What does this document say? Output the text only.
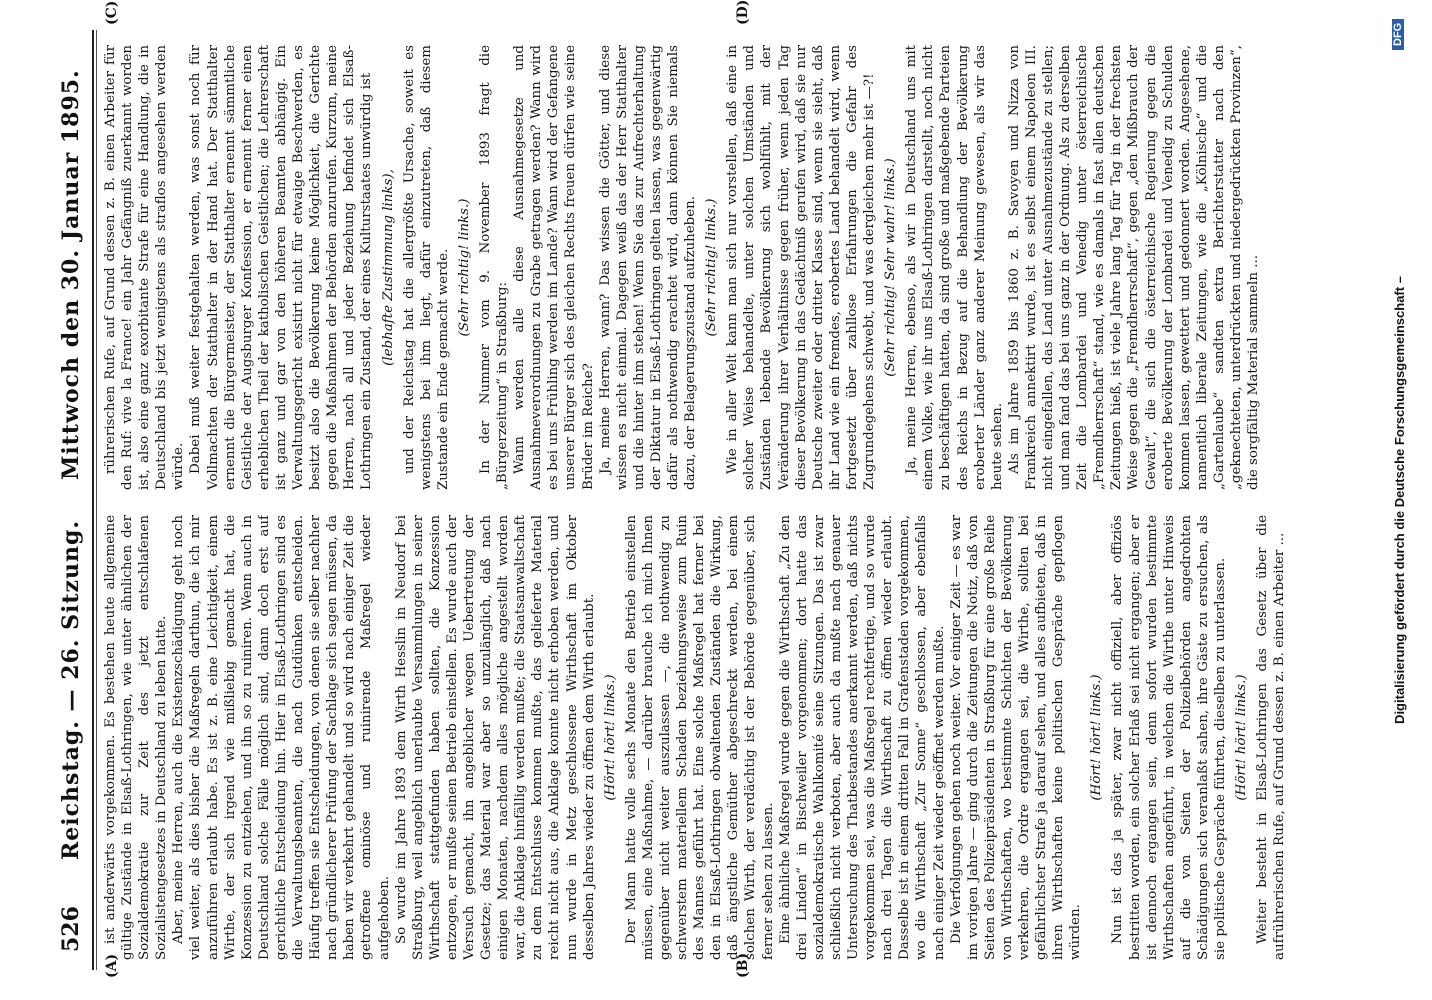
526
Reichstag. — 26. Sitzung.
Mittwoch den 30. Januar 1895.
(A)	(B)
(C)	(D)

ist anderwärts vorgekommen. Es bestehen heute allgemeine gültige Zustände in Elsaß-Lothringen, wie unter ähnlichen der Sozialdemokratie zur Zeit des jetzt entschlafenen Sozialistengesetzes in Deutschland zu leben hatte. Aber, meine Herren, auch die Existenzschädigung geht noch viel weiter, als dies bisher die Maßregeln darthun, die ich mir anzuführen erlaubt habe. Es ist z. B. eine Leichtigkeit, einem Wirthe, der sich irgend wie mißliebig gemacht hat, die Konzession zu entziehen, und ihn so zu ruiniren. Wenn auch in Deutschland solche Fälle möglich sind, dann doch erst auf gerichtliche Entscheidung hin. Hier in Elsaß-Lothringen sind es die Verwaltungsbeamten, die nach Gutdünken entscheiden. Häufig treffen sie Entscheidungen, von denen sie selber nachher nach gründlicherer Prüfung der Sachlage sich sagen müssen, da haben wir verkehrt gehandelt und so wird nach einiger Zeit die getroffene ominöse und ruinirende Maßregel wieder aufgehoben. So wurde im Jahre 1893 dem Wirth Hesslin in Neudorf bei Straßburg, weil angeblich unerlaubte Versammlungen in seiner Wirthschaft stattgefunden haben sollten, die Konzession entzogen, er mußte seinen Betrieb einstellen. Es wurde auch der Versuch gemacht, ihn angeblicher wegen Uebertretung der Gesetze; das Material war aber so unzulänglich, daß nach einigen Monaten, nachdem alles mögliche angestellt worden war, die Anklage hinfällig werden mußte; die Staatsanwaltschaft zu dem Entschlusse kommen mußte, das gelieferte Material reicht nicht aus, die Anklage konnte nicht erhoben werden, und nun wurde in Metz geschlossene Wirthschaft im Oktober desselben Jahres wieder zu öffnen dem Wirth erlaubt. (Hört! hört! links.) Der Mann hatte volle sechs Monate den Betrieb einstellen müssen, eine Maßnahme, — darüber brauche ich mich Ihnen gegenüber nicht weiter auszulassen —, die nothwendig zu schwerstem materiellem Schaden beziehungsweise zum Ruin des Mannes geführt hat. Eine solche Maßregel hat ferner bei den in Elsaß-Lothringen obwaltenden Zuständen die Wirkung, daß ängstliche Gemüther abgeschreckt werden, bei einem solchen Wirth, der verdächtig ist der Behörde gegenüber, sich ferner sehen zu lassen. Eine ähnliche Maßregel wurde gegen die Wirthschaft „Zu den drei Linden“ in Bischweiler vorgenommen; dort hatte das sozialdemokratische Wahlkomité seine Sitzungen. Das ist zwar schließlich nicht verboten, aber auch da mußte nach genauer Untersuchung des Thatbestandes anerkannt werden, daß nichts vorgekommen sei, was die Maßregel rechtfertige, und so wurde nach drei Tagen die Wirthschaft zu öffnen wieder erlaubt. Dasselbe ist in einem dritten Fall in Grafenstaden vorgekommen, wo die Wirthschaft „Zur Sonne“ geschlossen, aber ebenfalls nach einiger Zeit wieder geöffnet werden mußte. Die Verfolgungen gehen noch weiter. Vor einiger Zeit — es war im vorigen Jahre — ging durch die Zeitungen die Notiz, daß von Seiten des Polizeipräsidenten in Straßburg für eine große Reihe von Wirthschaften, wo bestimmte Schichten der Bevölkerung verkehren, die Ordre ergangen sei, die Wirthe, sollten bei gefährlichster Strafe ja darauf sehen, und alles aufbieten, daß in ihren Wirthschaften keine politischen Gespräche gepflogen würden.

(Hört! hört! links.) Nun ist das ja später, zwar nicht offiziell, aber offiziös bestritten worden, ein solcher Erlaß sei nicht ergangen; aber er ist dennoch ergangen sein, denn sofort wurden bestimmte Wirthschaften angeführt, in welchen die Wirthe unter Hinweis auf die von Seiten der Polizeibehörden angedrohten Schädigungen sich veranlaßt sahen, ihre Gäste zu ersuchen, als sie politische Gespräche führten, dieselben zu unterlassen. (Hört! hört! links.) Weiter besteht in Elsaß-Lothringen das Gesetz über die aufrührerischen Rufe, auf Grund dessen z. B. einen Arbeiter ...

rührerischen Rufe, auf Grund dessen z. B. einen Arbeiter für den Ruf: vive la France! ein Jahr Gefängniß zuerkannt worden ist, also eine ganz exorbitante Strafe für eine Handlung, die in Deutschland bis jetzt wenigstens als straflos angesehen werden würde. Dabei muß weiter festgehalten werden, was sonst noch für Vollmachten der Statthalter in der Hand hat. Der Statthalter ernennt die Bürgermeister, der Statthalter ernennt sämmtliche Geistliche der Augsburger Konfession, er ernennt ferner einen erheblichen Theil der katholischen Geistlichen; die Lehrerschaft ist ganz und gar von den höheren Beamten abhängig. Ein Verwaltungsgericht existirt nicht für etwaige Beschwerden, es besitzt also die Bevölkerung keine Möglichkeit, die Gerichte gegen die Maßnahmen der Behörden anzurufen. Kurzum, meine Herren, nach all und jeder Beziehung befindet sich Elsaß-Lothringen ein Zustand, der eines Kulturstaates unwürdig ist (lebhafte Zustimmung links), und der Reichstag hat die allergrößte Ursache, soweit es wenigstens bei ihm liegt, dafür einzutreten, daß diesem Zustande ein Ende gemacht werde. (Sehr richtig! links.) In der Nummer vom 9. November 1893 fragt die „Bürgerzeitung“ in Straßburg: Wann werden alle diese Ausnahmegesetze und Ausnahmeverordnungen zu Grabe getragen werden? Wann wird es bei uns Frühling werden im Lande? Wann wird der Gefangene unserer Bürger sich des gleichen Rechts freuen dürfen wie seine Brüder im Reiche? Ja, meine Herren, wann? Das wissen die Götter, und diese wissen es nicht einmal. Dagegen weiß das der Herr Statthalter und die hinter ihm stehen! Wenn Sie das zur Aufrechterhaltung der Diktatur in Elsaß-Lothringen gelten lassen, was gegenwärtig dafür als nothwendig erachtet wird, dann können Sie niemals dazu, der Belagerungszustand aufzuheben. (Sehr richtig! links.) Wie in aller Welt kann man sich nur vorstellen, daß eine in solcher Weise behandelte, unter solchen Umständen und Zuständen lebende Bevölkerung sich wohlfühlt, mit der Veränderung ihrer Verhältnisse gegen früher, wenn jeden Tag dieser Bevölkerung in das Gedächtniß gerufen wird, daß sie nur Deutsche zweiter oder dritter Klasse sind, wenn sie sieht, daß ihr Land wie ein fremdes, erobertes Land behandelt wird, wenn fortgesetzt über zahllose Erfahrungen die Gefahr des Zugrundegehens schwebt, und was dergleichen mehr ist —?! (Sehr richtig! Sehr wahr! links.) Ja, meine Herren, ebenso, als wir in Deutschland uns mit einem Volke, wie ihr uns Elsaß-Lothringen darstellt, noch nicht zu beschäftigen hatten, da sind große und maßgebende Parteien des Reichs in Bezug auf die Behandlung der Bevölkerung eroberter Länder ganz anderer Meinung gewesen, als wir das heute sehen. Als im Jahre 1859 bis 1860 z. B. Savoyen und Nizza von Frankreich annektirt wurde, ist es selbst einem Napoleon III. nicht eingefallen, das Land unter Ausnahmezustände zu stellen; und man fand das bei uns ganz in der Ordnung. Als zu derselben Zeit die Lombardei und Venedig unter österreichische „Fremdherrschaft“ stand, wie es damals in fast allen deutschen Zeitungen hieß, ist viele Jahre lang Tag für Tag in der frechsten Weise gegen die „Fremdherrschaft“, gegen „den Mißbrauch der Gewalt“, die sich die österreichische Regierung gegen die eroberte Bevölkerung der Lombardei und Venedig zu Schulden kommen lassen, gewettert und gedonnert worden. Angesehene, namentlich liberale Zeitungen, wie die „Kölnische“ und die „Gartenlaube“ sandten extra Berichterstatter nach den „geknechteten, unterdrückten und niedergedrückten Provinzen“, die sorgfältig Material sammeln ...	Digitalisierung gefördert durch die Deutsche Forschungsgemeinschaft –
DFG
